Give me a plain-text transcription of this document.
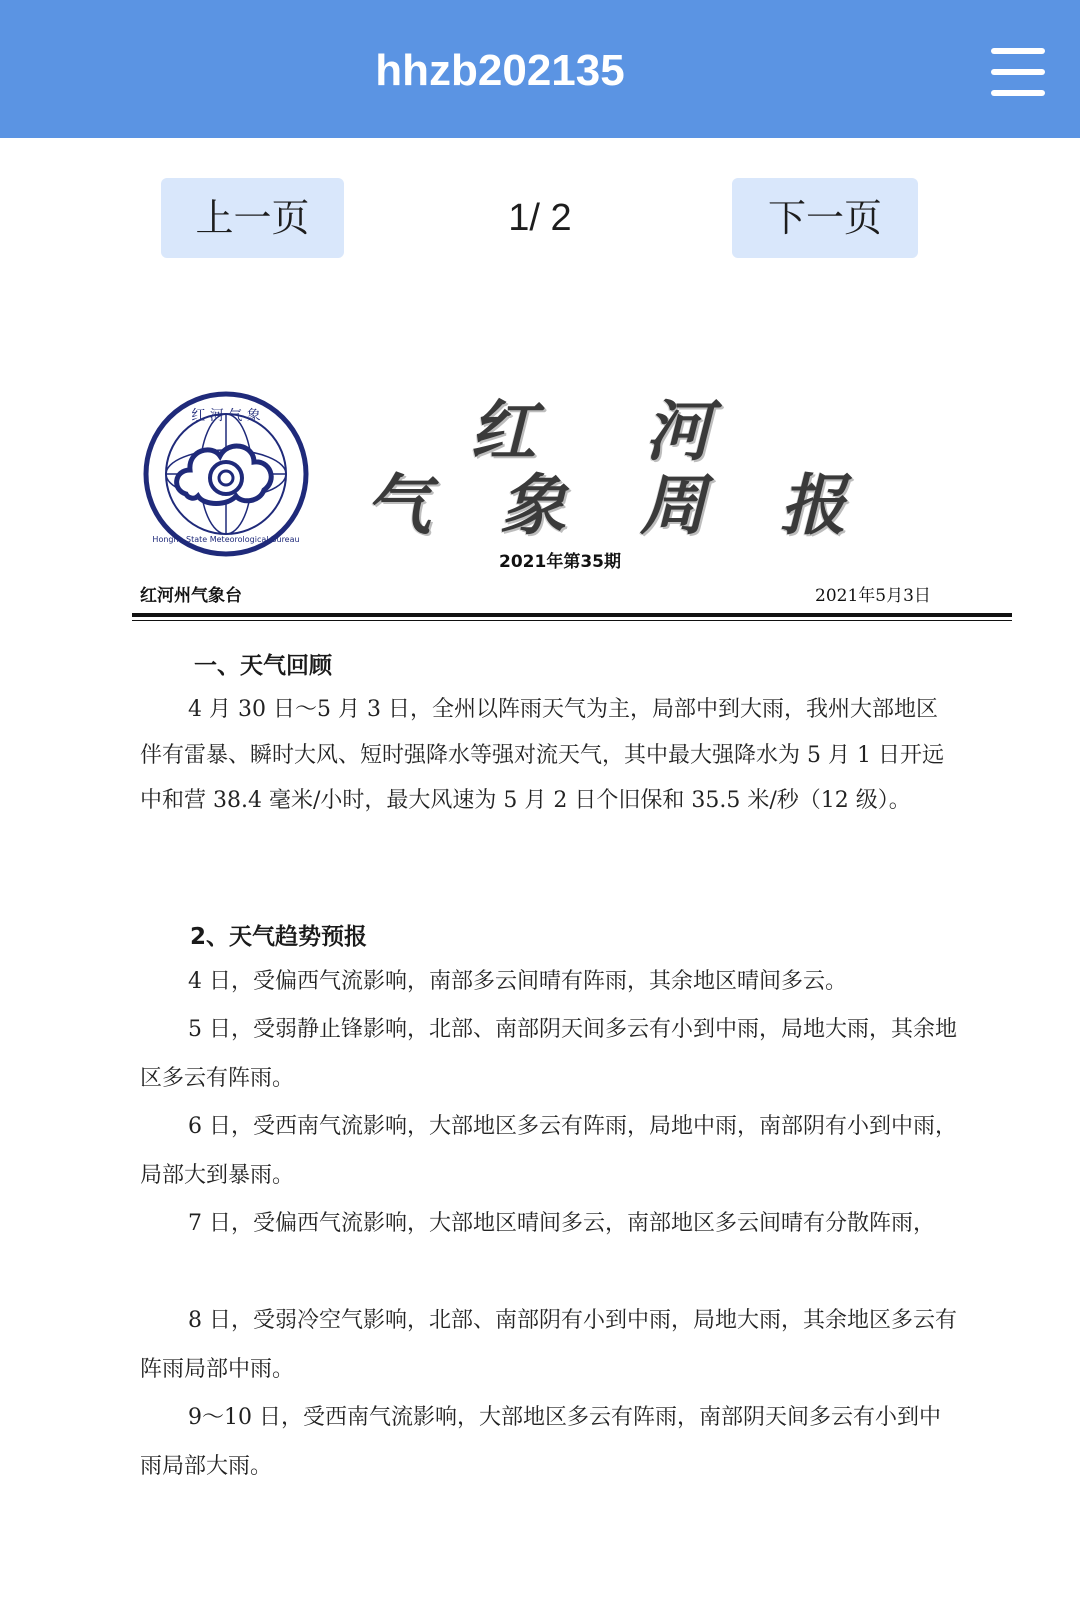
hhzb202135
上一页	1/ 2	下一页
红 河 气 象
Honghe State Meteorological Bureau
红 河
气 象 周 报
2021年第35期
红河州气象台	2021年5月3日
一、天气回顾

4 月 30 日～5 月 3 日，全州以阵雨天气为主，局部中到大雨，我州大部地区伴有雷暴、瞬时大风、短时强降水等强对流天气，其中最大强降水为 5 月 1 日开远中和营 38.4 毫米/小时，最大风速为 5 月 2 日个旧保和 35.5 米/秒（12 级）。

2、天气趋势预报

4 日，受偏西气流影响，南部多云间晴有阵雨，其余地区晴间多云。

5 日，受弱静止锋影响，北部、南部阴天间多云有小到中雨，局地大雨，其余地区多云有阵雨。

6 日，受西南气流影响，大部地区多云有阵雨，局地中雨，南部阴有小到中雨，局部大到暴雨。

7 日，受偏西气流影响，大部地区晴间多云，南部地区多云间晴有分散阵雨，

8 日，受弱冷空气影响，北部、南部阴有小到中雨，局地大雨，其余地区多云有阵雨局部中雨。

9～10 日，受西南气流影响，大部地区多云有阵雨，南部阴天间多云有小到中雨局部大雨。
